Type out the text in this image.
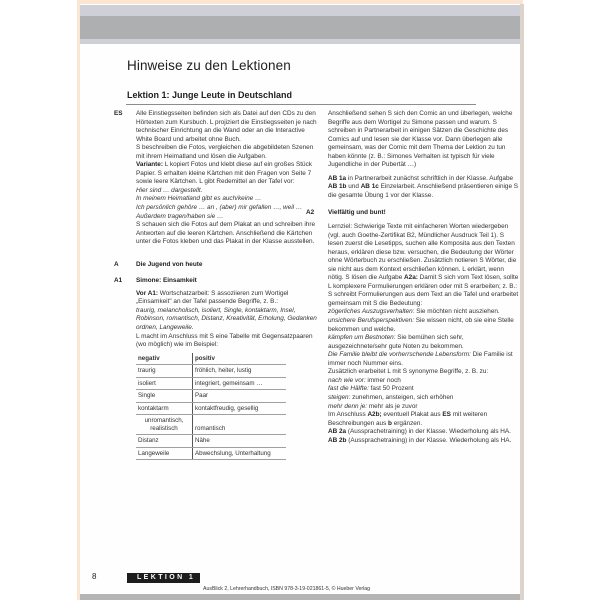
Hinweise zu den Lektionen
Lektion 1: Junge Leute in Deutschland
ES	Alle Einstiegsseiten befinden sich als Datei auf den CDs zu den Hörtexten zum Kursbuch. L projiziert die Einstiegsseiten je nach technischer Einrichtung an die Wand oder an die Interactive White Board und arbeitet ohne Buch.

S beschreiben die Fotos, vergleichen die abgebildeten Szenen mit ihrem Heimatland und lösen die Aufgaben.

Variante: L kopiert Fotos und klebt diese auf ein großes Stück Papier. S erhalten kleine Kärtchen mit den Fragen von Seite 7 sowie leere Kärtchen. L gibt Redemittel an der Tafel vor:

Hier sind … dargestellt.

In meinem Heimatland gibt es auch/keine …

Ich persönlich gehöre … an , (aber) mir gefallen …, weil …

Außerdem tragen/haben sie …

S schauen sich die Fotos auf dem Plakat an und schreiben ihre Antworten auf die leeren Kärtchen. Anschließend die Kärtchen unter die Fotos kleben und das Plakat in der Klasse ausstellen.

A	Die Jugend von heute
A1	Simone: Einsamkeit

Vor A1: Wortschatzarbeit: S assoziieren zum Wortigel „Einsamkeit" an der Tafel passende Begriffe, z. B.:

traurig, melancholisch, isoliert, Single, kontaktarm, Insel, Robinson, romantisch, Distanz, Kreativität, Erholung, Gedanken ordnen, Langeweile.

L macht im Anschluss mit S eine Tabelle mit Gegensatzpaaren (wo möglich) wie im Beispiel:

negativ	positiv
traurig	fröhlich, heiter, lustig
isoliert	integriert, gemeinsam …
Single	Paar
kontaktarm	kontaktfreudig, gesellig
unromantisch, realistisch	romantisch
Distanz	Nähe
Langeweile	Abwechslung, Unterhaltung

Anschließend sehen S sich den Comic an und überlegen, welche Begriffe aus dem Wortigel zu Simone passen und warum. S schreiben in Partnerarbeit in einigen Sätzen die Geschichte des Comics auf und lesen sie der Klasse vor. Dann überlegen alle gemeinsam, was der Comic mit dem Thema der Lektion zu tun haben könnte (z. B.: Simones Verhalten ist typisch für viele Jugendliche in der Pubertät …)

AB 1a in Partnerarbeit zunächst schriftlich in der Klasse. Aufgabe AB 1b und AB 1c Einzelarbeit. Anschließend präsentieren einige S die gesamte Übung 1 vor der Klasse.

A2	Vielfältig und bunt!

Lernziel: Schwierige Texte mit einfacheren Worten wiedergeben (vgl. auch Goethe-Zertifikat B2, Mündlicher Ausdruck Teil 1). S lesen zuerst die Lesetipps, suchen alle Komposita aus den Texten heraus, erklären diese bzw. versuchen, die Bedeutung der Wörter ohne Wörterbuch zu erschließen. Zusätzlich notieren S Wörter, die sie nicht aus dem Kontext erschließen können. L erklärt, wenn nötig. S lösen die Aufgabe A2a: Damit S sich vom Text lösen, sollte L komplexere Formulierungen erklären oder mit S erarbeiten; z. B.: S schreibt Formulierungen aus dem Text an die Tafel und erarbeitet gemeinsam mit S die Bedeutung:

zögerliches Auszugsverhalten: Sie möchten nicht ausziehen.

unsichere Berufsperspektiven: Sie wissen nicht, ob sie eine Stelle bekommen und welche.

kämpfen um Bestnoten: Sie bemühen sich sehr, ausgezeichnete/sehr gute Noten zu bekommen.

Die Familie bleibt die vorherrschende Lebensform: Die Familie ist immer noch Nummer eins.

Zusätzlich erarbeitet L mit S synonyme Begriffe, z. B. zu:

nach wie vor: immer noch

fast die Hälfte: fast 50 Prozent

steigen: zunehmen, ansteigen, sich erhöhen

mehr denn je: mehr als je zuvor

Im Anschluss A2b; eventuell Plakat aus ES mit weiteren Beschreibungen aus b ergänzen.

AB 2a (Aussprachetraining) in der Klasse. Wiederholung als HA.

AB 2b (Aussprachetraining) in der Klasse. Wiederholung als HA.

8	LEKTION 1
AusBlick 2, Lehrerhandbuch, ISBN 978-3-19-021861-5, © Hueber Verlag
